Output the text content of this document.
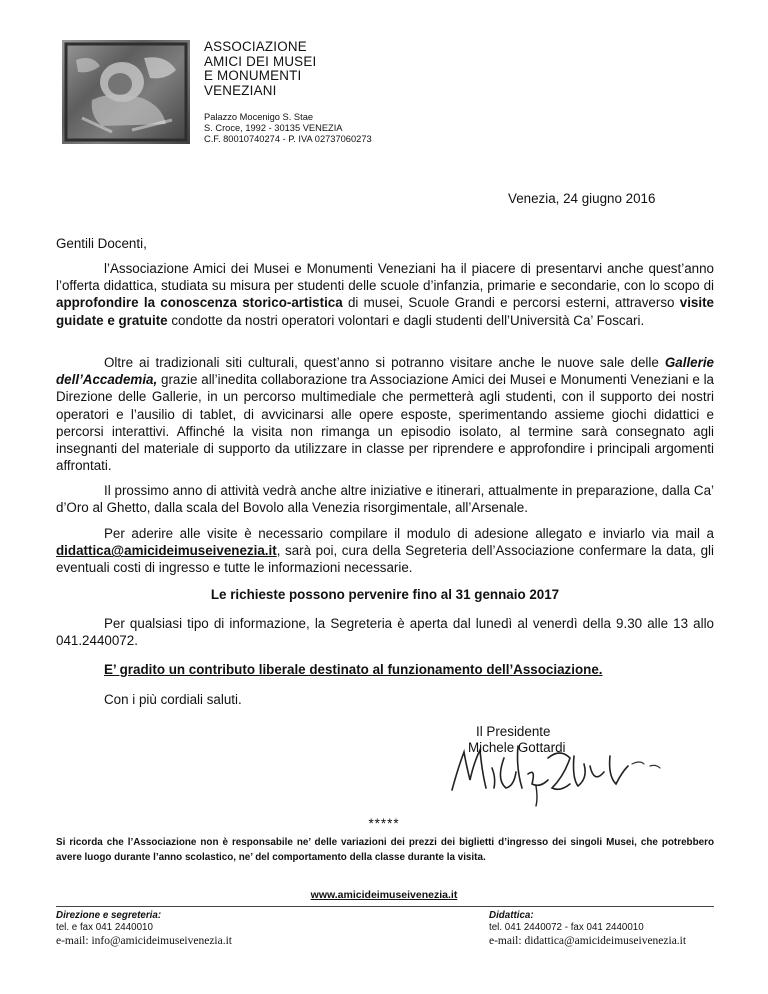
ASSOCIAZIONE
AMICI DEI MUSEI
E MONUMENTI
VENEZIANI
Palazzo Mocenigo S. Stae
S. Croce, 1992 - 30135 VENEZIA
C.F. 80010740274 - P. IVA 02737060273
Venezia, 24 giugno 2016
Gentili Docenti,
l’Associazione Amici dei Musei e Monumenti Veneziani ha il piacere di presentarvi anche quest’anno l’offerta didattica, studiata su misura per studenti delle scuole d’infanzia, primarie e secondarie, con lo scopo di approfondire la conoscenza storico-artistica di musei, Scuole Grandi e percorsi esterni, attraverso visite guidate e gratuite condotte da nostri operatori volontari e dagli studenti dell’Università Ca’ Foscari.
Oltre ai tradizionali siti culturali, quest’anno si potranno visitare anche le nuove sale delle Gallerie dell’Accademia, grazie all’inedita collaborazione tra Associazione Amici dei Musei e Monumenti Veneziani e la Direzione delle Gallerie, in un percorso multimediale che permetterà agli studenti, con il supporto dei nostri operatori e l’ausilio di tablet, di avvicinarsi alle opere esposte, sperimentando assieme giochi didattici e percorsi interattivi. Affinché la visita non rimanga un episodio isolato, al termine sarà consegnato agli insegnanti del materiale di supporto da utilizzare in classe per riprendere e approfondire i principali argomenti affrontati.
Il prossimo anno di attività vedrà anche altre iniziative e itinerari, attualmente in preparazione, dalla Ca’ d’Oro al Ghetto, dalla scala del Bovolo alla Venezia risorgimentale, all’Arsenale.
Per aderire alle visite è necessario compilare il modulo di adesione allegato e inviarlo via mail a didattica@amicideimuseivenezia.it, sarà poi, cura della Segreteria dell’Associazione confermare la data, gli eventuali costi di ingresso e tutte le informazioni necessarie.
Le richieste possono pervenire fino al 31 gennaio 2017
Per qualsiasi tipo di informazione, la Segreteria è aperta dal lunedì al venerdì della 9.30 alle 13 allo 041.2440072.
E’ gradito un contributo liberale destinato al funzionamento dell’Associazione.
Con i più cordiali saluti.
Il Presidente
Michele Gottardi
*****
Si ricorda che l’Associazione non è responsabile ne’ delle variazioni dei prezzi dei biglietti d’ingresso dei singoli Musei, che potrebbero avere luogo durante l’anno scolastico, ne’ del comportamento della classe durante la visita.
www.amicideimuseivenezia.it
Direzione e segreteria:
tel. e fax 041 2440010
e-mail: info@amicideimuseivenezia.it
Didattica:
tel. 041 2440072 - fax 041 2440010
e-mail: didattica@amicideimuseivenezia.it
